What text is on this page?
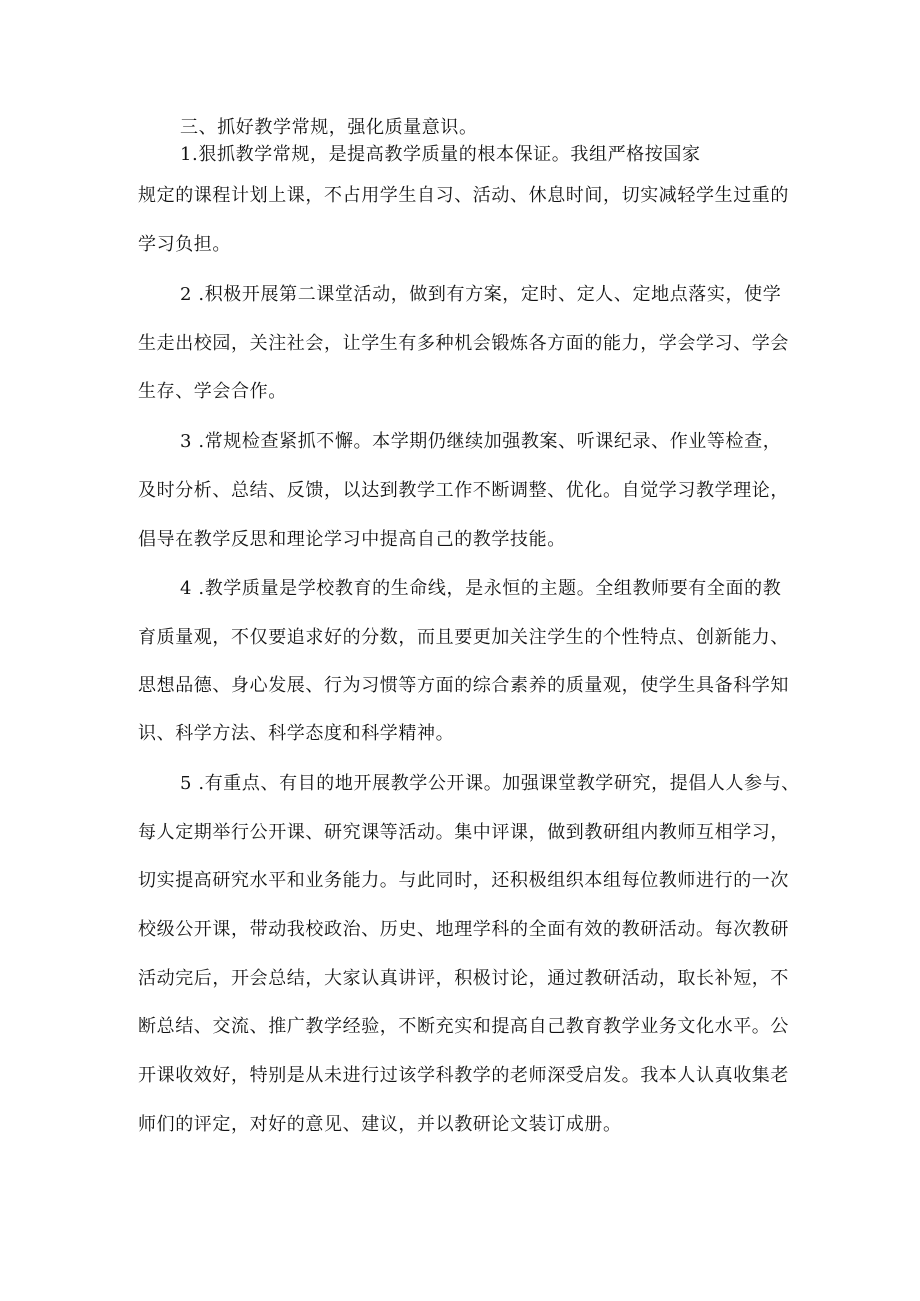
三、抓好教学常规，强化质量意识。
1.狠抓教学常规，是提高教学质量的根本保证。我组严格按国家
规定的课程计划上课，不占用学生自习、活动、休息时间，切实减轻学生过重的
学习负担。
2 .积极开展第二课堂活动，做到有方案，定时、定人、定地点落实，使学
生走出校园，关注社会，让学生有多种机会锻炼各方面的能力，学会学习、学会
生存、学会合作。
3 .常规检查紧抓不懈。本学期仍继续加强教案、听课纪录、作业等检查，
及时分析、总结、反馈，以达到教学工作不断调整、优化。自觉学习教学理论，
倡导在教学反思和理论学习中提高自己的教学技能。
4 .教学质量是学校教育的生命线，是永恒的主题。全组教师要有全面的教
育质量观，不仅要追求好的分数，而且要更加关注学生的个性特点、创新能力、
思想品德、身心发展、行为习惯等方面的综合素养的质量观，使学生具备科学知
识、科学方法、科学态度和科学精神。
5 .有重点、有目的地开展教学公开课。加强课堂教学研究，提倡人人参与、
每人定期举行公开课、研究课等活动。集中评课，做到教研组内教师互相学习，
切实提高研究水平和业务能力。与此同时，还积极组织本组每位教师进行的一次
校级公开课，带动我校政治、历史、地理学科的全面有效的教研活动。每次教研
活动完后，开会总结，大家认真讲评，积极讨论，通过教研活动，取长补短，不
断总结、交流、推广教学经验，不断充实和提高自己教育教学业务文化水平。公
开课收效好，特别是从未进行过该学科教学的老师深受启发。我本人认真收集老
师们的评定，对好的意见、建议，并以教研论文装订成册。
